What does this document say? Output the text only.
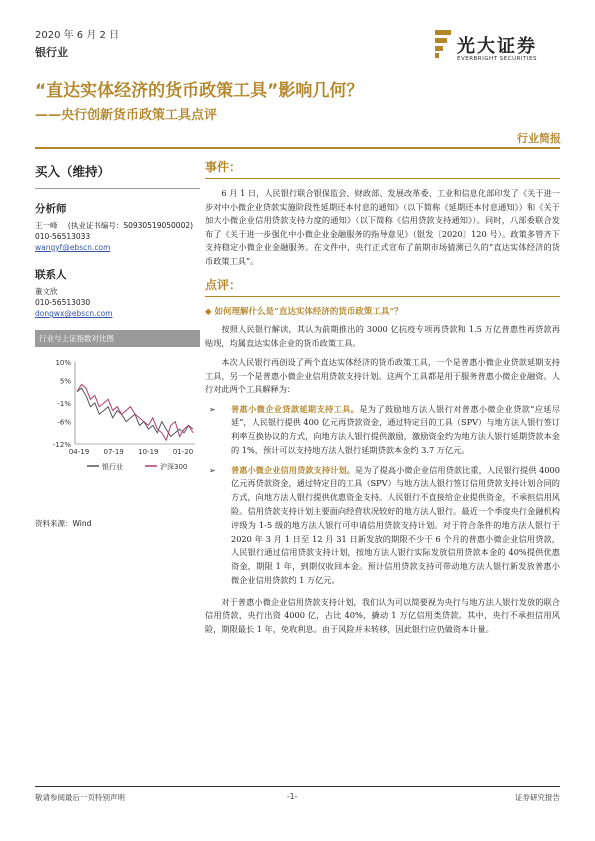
2020 年 6 月 2 日
银行业	光大证券
EVERBRIGHT SECURITIES
“直达实体经济的货币政策工具”影响几何？
——央行创新货币政策工具点评
行业简报
买入（维持）
分析师
王一峰 (执业证书编号：S0930519050002)
010-56513033
wangyf@ebscn.com
联系人
董文欣
010-56513030
dongwx@ebscn.com
行业与上证指数对比图
10%
5%
-1%
-6%
-12%
04-19 07-19 10-19 01-20
银行业	沪深300
资料来源：Wind
事件：

6 月 1 日，人民银行联合银保监会、财政部、发展改革委、工业和信息化部印发了《关于进一步对中小微企业贷款实施阶段性延期还本付息的通知》（以下简称《延期还本付息通知》）和《关于加大小微企业信用贷款支持力度的通知》（以下简称《信用贷款支持通知》）。同时，八部委联合发布了《关于进一步强化中小微企业金融服务的指导意见》（银发〔2020〕120 号）。政策多管齐下支持稳定小微企业金融服务。在文件中，央行正式宣布了前期市场猜测已久的“直达实体经济的货币政策工具”。

点评：
◆ 如何理解什么是“直达实体经济的货币政策工具”？

按照人民银行解读，其认为前期推出的 3000 亿抗疫专项再贷款和 1.5 万亿普惠性再贷款再贴现，均属直达实体企业的货币政策工具。

本次人民银行再创设了两个直达实体经济的货币政策工具，一个是普惠小微企业贷款延期支持工具，另一个是普惠小微企业信用贷款支持计划。这两个工具都是用于服务普惠小微企业融资。人行对此两个工具解释为：

➢ 普惠小微企业贷款延期支持工具。是为了鼓励地方法人银行对普惠小微企业贷款“应延尽延”，人民银行提供 400 亿元再贷款资金，通过特定目的工具（SPV）与地方法人银行签订利率互换协议的方式，向地方法人银行提供激励，激励资金约为地方法人银行延期贷款本金的 1%，预计可以支持地方法人银行延期贷款本金约 3.7 万亿元。
➢ 普惠小微企业信用贷款支持计划。是为了提高小微企业信用贷款比重，人民银行提供 4000 亿元再贷款资金，通过特定目的工具（SPV）与地方法人银行签订信用贷款支持计划合同的方式，向地方法人银行提供优惠资金支持。人民银行不直接给企业提供资金，不承担信用风险。信用贷款支持计划主要面向经营状况较好的地方法人银行。最近一个季度央行金融机构评级为 1-5 级的地方法人银行可申请信用贷款支持计划。对于符合条件的地方法人银行于 2020 年 3 月 1 日至 12 月 31 日新发放的期限不少于 6 个月的普惠小微企业信用贷款，人民银行通过信用贷款支持计划，按地方法人银行实际发放信用贷款本金的 40%提供优惠资金，期限 1 年，到期仅收回本金。预计信用贷款支持可带动地方法人银行新发放普惠小微企业信用贷款约 1 万亿元。

对于普惠小微企业信用贷款支持计划，我们认为可以简要视为央行与地方法人银行发放的联合信用贷款，央行出资 4000 亿，占比 40%，撬动 1 万亿信用类贷款。其中，央行不承担信用风险，期限最长 1 年，免收利息。由于风险并未转移，因此银行应仍做资本计量。

敬请参阅最后一页特别声明	-1-	证券研究报告
